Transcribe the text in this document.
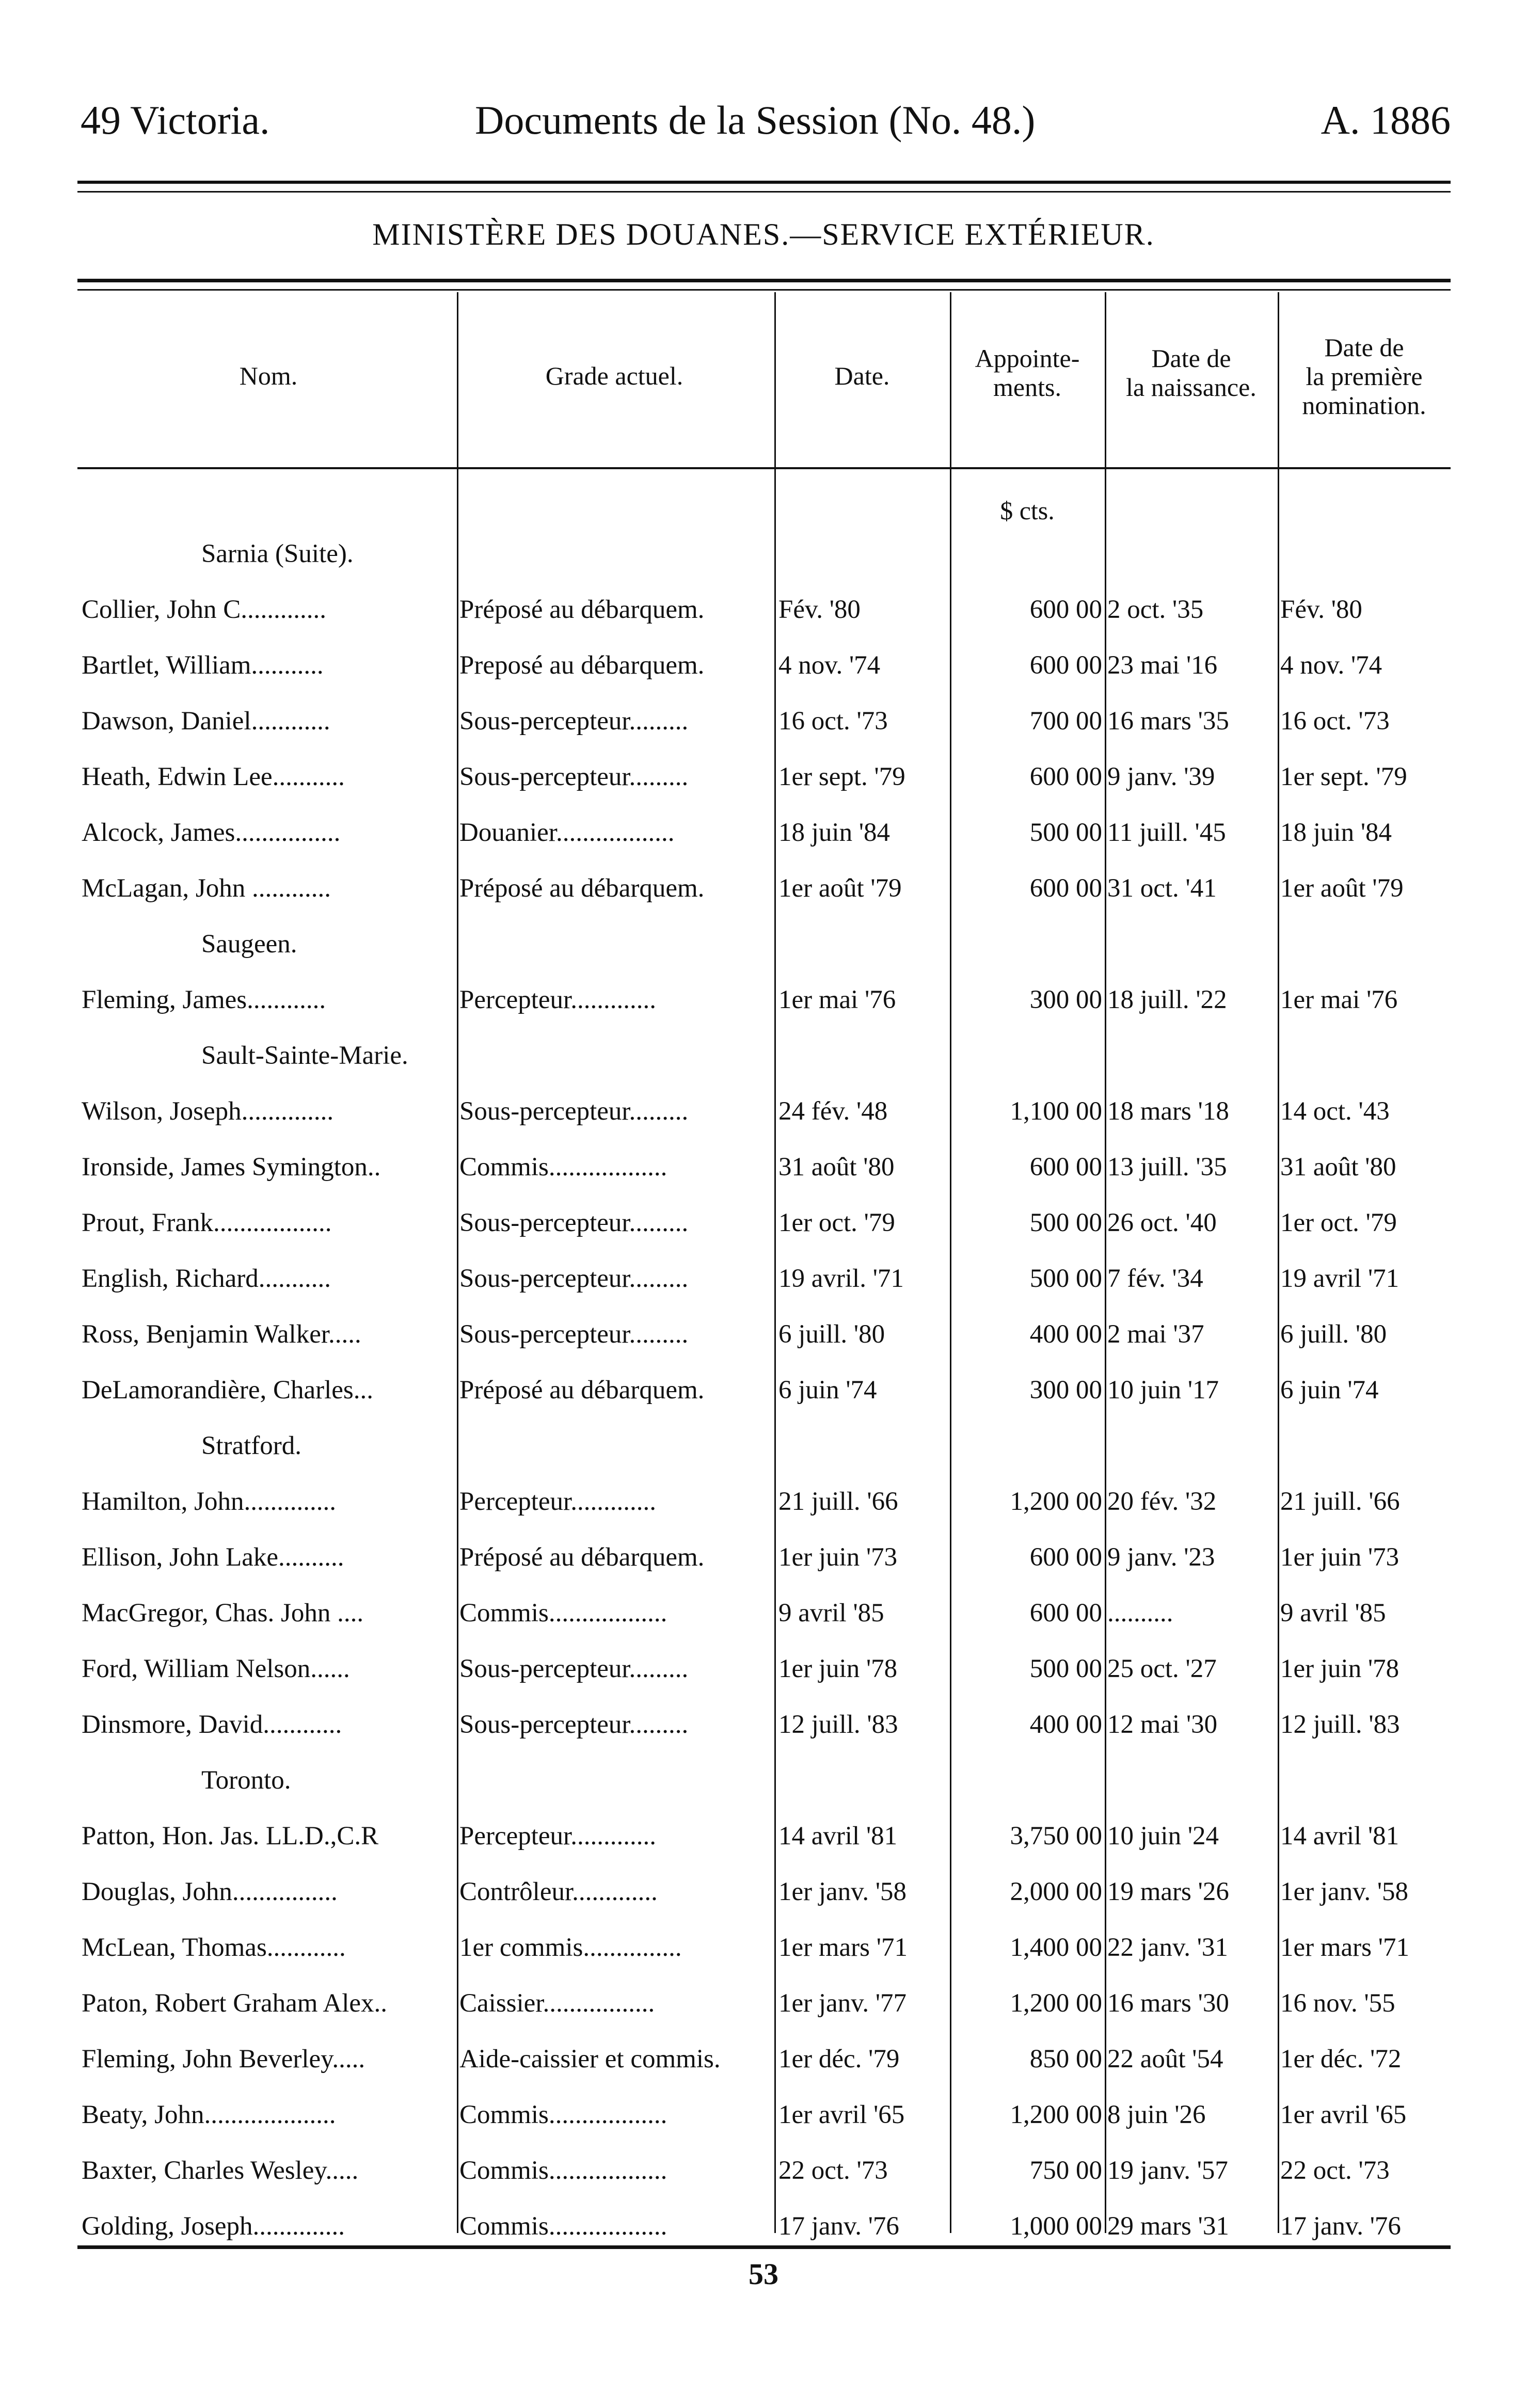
49 Victoria.	Documents de la Session (No. 48.)	A. 1886
MINISTÈRE DES DOUANES.—SERVICE EXTÉRIEUR.
Nom.	Grade actuel.	Date.
Appointe-
ments.
Date de
la naissance.
Date de
la première
nomination.
$ cts.
Sarnia (Suite).
Collier, John C.............	Préposé au débarquem.	Fév. '80	600 00 2 oct. '35	Fév. '80
Bartlet, William...........	Preposé au débarquem.	4 nov. '74	600 00 23 mai '16	4 nov. '74
Dawson, Daniel............	Sous-percepteur.........	16 oct. '73	700 00 16 mars '35	16 oct. '73
Heath, Edwin Lee...........	Sous-percepteur.........	1er sept. '79	600 00 9 janv. '39	1er sept. '79
Alcock, James................	Douanier..................	18 juin '84	500 00 11 juill. '45	18 juin '84
McLagan, John ............	Préposé au débarquem.	1er août '79	600 00 31 oct. '41	1er août '79
Saugeen.
Fleming, James............	Percepteur.............	1er mai '76	300 00 18 juill. '22	1er mai '76
Sault-Sainte-Marie.
Wilson, Joseph..............	Sous-percepteur.........	24 fév. '48	1,100 00 18 mars '18	14 oct. '43
Ironside, James Symington..	Commis..................	31 août '80	600 00 13 juill. '35	31 août '80
Prout, Frank..................	Sous-percepteur.........	1er oct. '79	500 00 26 oct. '40	1er oct. '79
English, Richard...........	Sous-percepteur.........	19 avril. '71	500 00 7 fév. '34	19 avril '71
Ross, Benjamin Walker.....	Sous-percepteur.........	6 juill. '80	400 00 2 mai '37	6 juill. '80
DeLamorandière, Charles...	Préposé au débarquem.	6 juin '74	300 00 10 juin '17	6 juin '74
Stratford.
Hamilton, John..............	Percepteur.............	21 juill. '66	1,200 00 20 fév. '32	21 juill. '66
Ellison, John Lake..........	Préposé au débarquem.	1er juin '73	600 00 9 janv. '23	1er juin '73
MacGregor, Chas. John ....	Commis..................	9 avril '85	600 00 ..........	9 avril '85
Ford, William Nelson......	Sous-percepteur.........	1er juin '78	500 00 25 oct. '27	1er juin '78
Dinsmore, David............	Sous-percepteur.........	12 juill. '83	400 00 12 mai '30	12 juill. '83
Toronto.
Patton, Hon. Jas. LL.D.,C.R	Percepteur.............	14 avril '81	3,750 00 10 juin '24	14 avril '81
Douglas, John................	Contrôleur.............	1er janv. '58	2,000 00 19 mars '26	1er janv. '58
McLean, Thomas............	1er commis...............	1er mars '71	1,400 00 22 janv. '31	1er mars '71
Paton, Robert Graham Alex..	Caissier.................	1er janv. '77	1,200 00 16 mars '30	16 nov. '55
Fleming, John Beverley.....	Aide-caissier et commis.	1er déc. '79	850 00 22 août '54	1er déc. '72
Beaty, John....................	Commis..................	1er avril '65	1,200 00 8 juin '26	1er avril '65
Baxter, Charles Wesley.....	Commis..................	22 oct. '73	750 00 19 janv. '57	22 oct. '73
Golding, Joseph..............	Commis..................	17 janv. '76	1,000 00 29 mars '31	17 janv. '76
53
